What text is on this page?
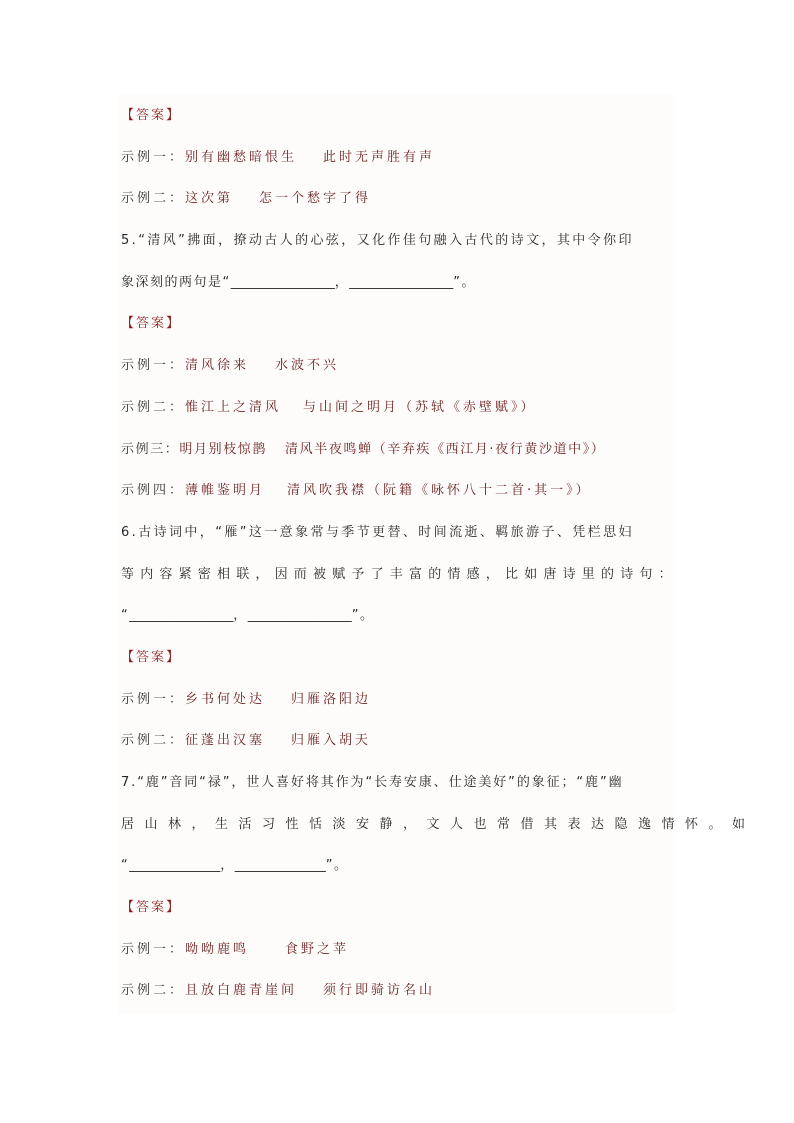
【答案】
示例一：别有幽愁暗恨生 此时无声胜有声
示例二：这次第 怎一个愁字了得
5.“清风”拂面，撩动古人的心弦，又化作佳句融入古代的诗文，其中令你印
象深刻的两句是“________________，________________”。
【答案】
示例一：清风徐来 水波不兴
示例二：惟江上之清风 与山间之明月（苏轼《赤壁赋》）
示例三：明月别枝惊鹊 清风半夜鸣蝉（辛弃疾《西江月·夜行黄沙道中》）
示例四：薄帷鉴明月 清风吹我襟（阮籍《咏怀八十二首·其一》）
6.古诗词中，“雁”这一意象常与季节更替、时间流逝、羁旅游子、凭栏思妇
等内容紧密相联，因而被赋予了丰富的情感，比如唐诗里的诗句：
“________________，________________”。
【答案】
示例一：乡书何处达 归雁洛阳边
示例二：征蓬出汉塞 归雁入胡天
7.“鹿”音同“禄”，世人喜好将其作为“长寿安康、仕途美好”的象征；“鹿”幽
居山林，生活习性恬淡安静，文人也常借其表达隐逸情怀。如
“______________，______________”。
【答案】
示例一：呦呦鹿鸣	食野之苹
示例二：且放白鹿青崖间 须行即骑访名山
